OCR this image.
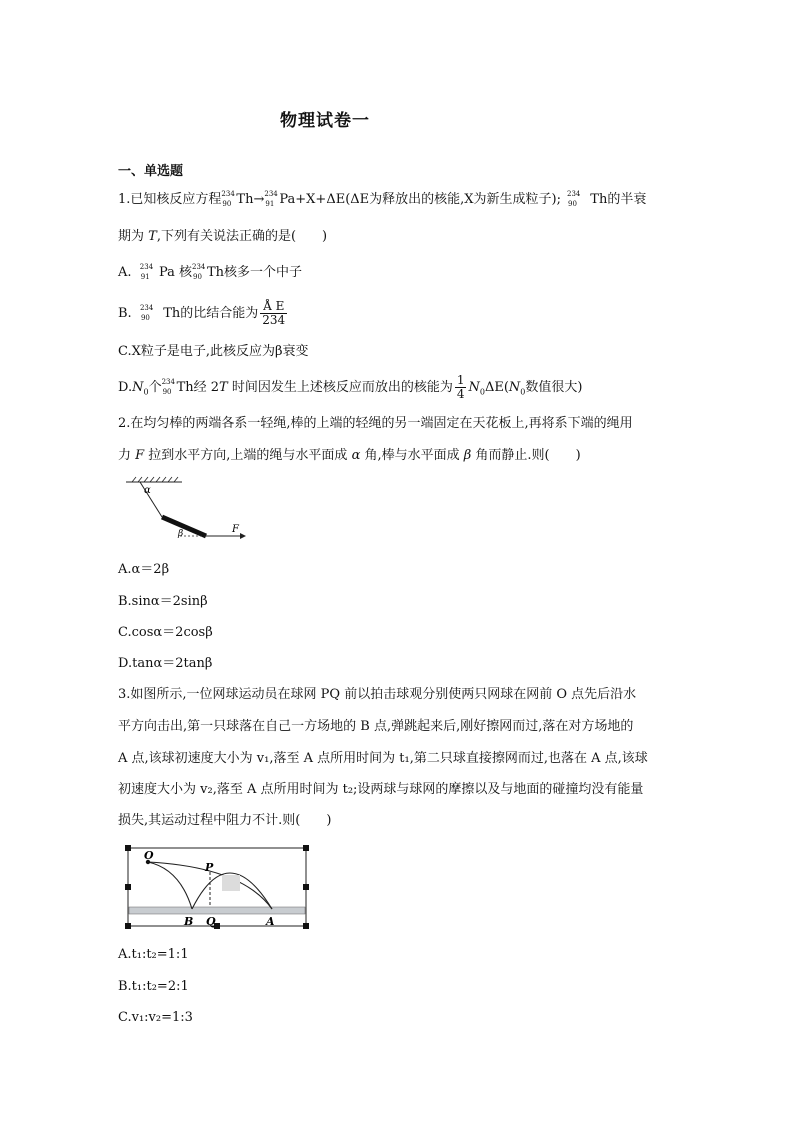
物理试卷一
一、单选题
1.已知核反应方程 234
90 Th→ 234
91 Pa+X+ΔE(ΔE为释放出的核能,X为新生成粒子); 234
90 Th的半衰
期为 T,下列有关说法正确的是(　　)
A. 234
91 Pa 核 234
90 Th核多一个中子
B. 234
90 Th的比结合能为 $\frac{\text{Å E}}{234}$
C.X粒子是电子,此核反应为β衰变
$D.N_0$个 234
90 Th经 2T 时间因发生上述核反应而放出的核能为 $\frac{1}{4} N_0\Delta E(N_0$数值很大)
2.在均匀棒的两端各系一轻绳,棒的上端的轻绳的另一端固定在天花板上,再将系下端的绳用
力 F 拉到水平方向,上端的绳与水平面成 α 角,棒与水平面成 β 角而静止.则(　　)
α
β	F
A.α＝2β
B.sinα＝2sinβ
C.cosα＝2cosβ
D.tanα＝2tanβ
3.如图所示,一位网球运动员在球网 PQ 前以拍击球观分别使两只网球在网前 O 点先后沿水
平方向击出,第一只球落在自己一方场地的 B 点,弹跳起来后,刚好擦网而过,落在对方场地的
A 点,该球初速度大小为 v₁,落至 A 点所用时间为 t₁,第二只球直接擦网而过,也落在 A 点,该球
初速度大小为 v₂,落至 A 点所用时间为 t₂;设两球与球网的摩擦以及与地面的碰撞均没有能量
损失,其运动过程中阻力不计.则(　　)
O
P
B Q	A
A.t₁:t₂=1:1
B.t₁:t₂=2:1
C.v₁:v₂=1:3
